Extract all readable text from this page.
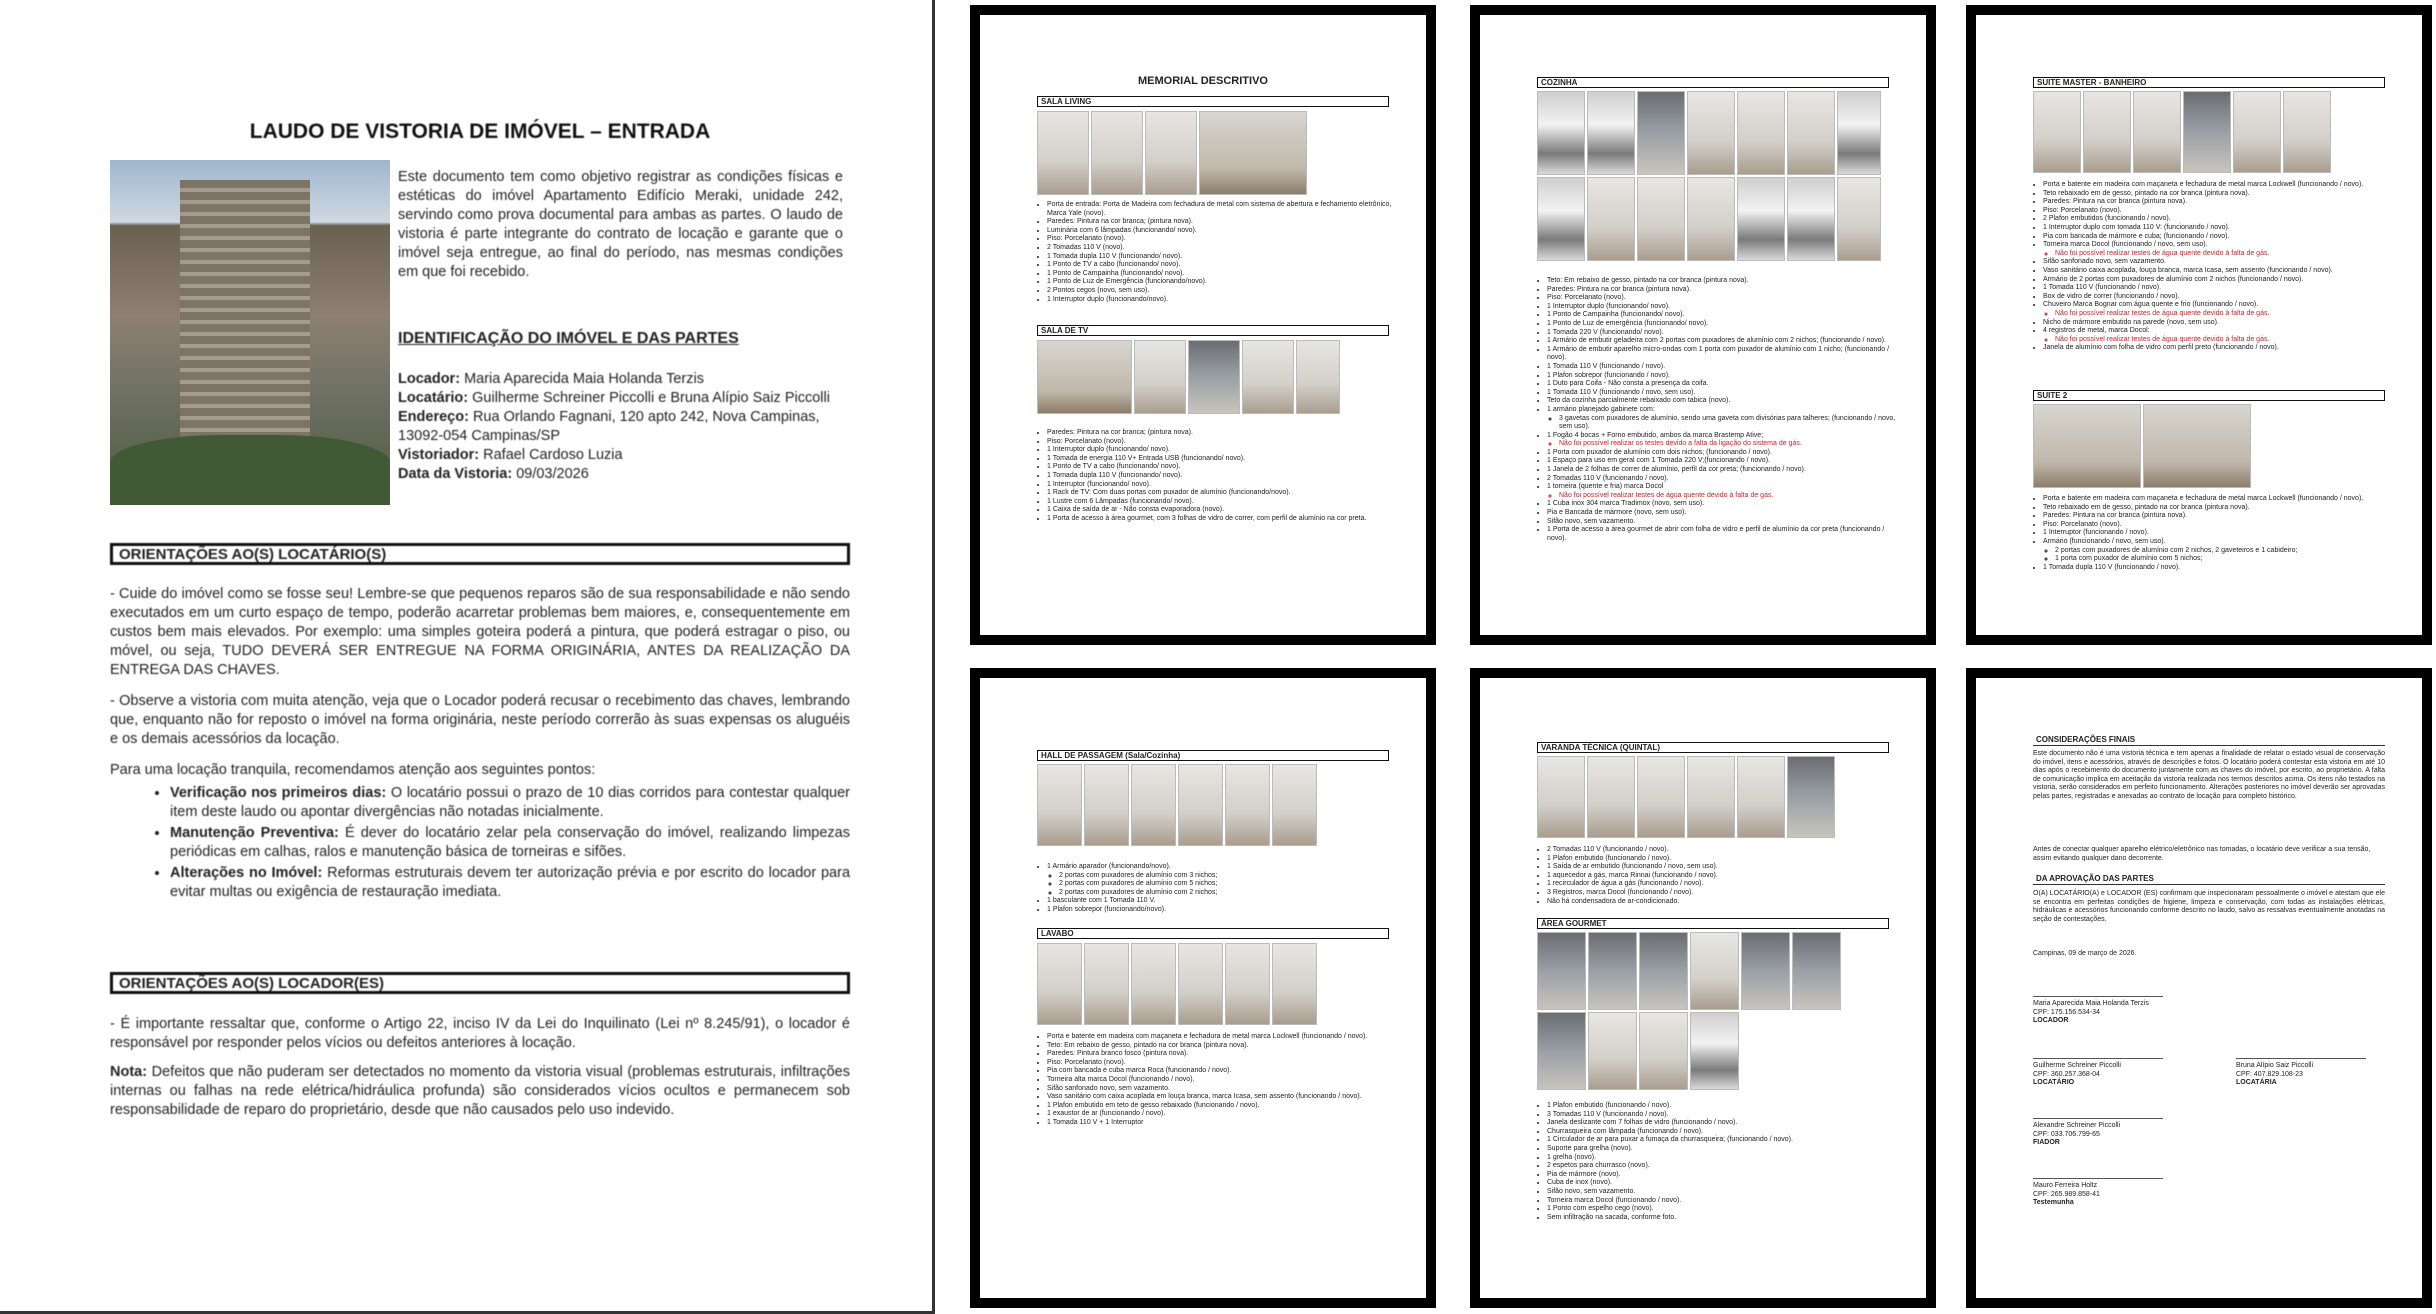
LAUDO DE VISTORIA DE IMÓVEL – ENTRADA
Este documento tem como objetivo registrar as condições físicas e estéticas do imóvel Apartamento Edifício Meraki, unidade 242, servindo como prova documental para ambas as partes. O laudo de vistoria é parte integrante do contrato de locação e garante que o imóvel seja entregue, ao final do período, nas mesmas condições em que foi recebido.
IDENTIFICAÇÃO DO IMÓVEL E DAS PARTES
Locador: Maria Aparecida Maia Holanda Terzis
Locatário: Guilherme Schreiner Piccolli e Bruna Alípio Saiz Piccolli
Endereço: Rua Orlando Fagnani, 120 apto 242, Nova Campinas, 13092-054 Campinas/SP
Vistoriador: Rafael Cardoso Luzia
Data da Vistoria: 09/03/2026
ORIENTAÇÕES AO(S) LOCATÁRIO(S)

- Cuide do imóvel como se fosse seu! Lembre-se que pequenos reparos são de sua responsabilidade e não sendo executados em um curto espaço de tempo, poderão acarretar problemas bem maiores, e, consequentemente em custos bem mais elevados. Por exemplo: uma simples goteira poderá a pintura, que poderá estragar o piso, ou móvel, ou seja, TUDO DEVERÁ SER ENTREGUE NA FORMA ORIGINÁRIA, ANTES DA REALIZAÇÃO DA ENTREGA DAS CHAVES.

- Observe a vistoria com muita atenção, veja que o Locador poderá recusar o recebimento das chaves, lembrando que, enquanto não for reposto o imóvel na forma originária, neste período correrão às suas expensas os aluguéis e os demais acessórios da locação.

Para uma locação tranquila, recomendamos atenção aos seguintes pontos:

• Verificação nos primeiros dias: O locatário possui o prazo de 10 dias corridos para contestar qualquer item deste laudo ou apontar divergências não notadas inicialmente.
• Manutenção Preventiva: É dever do locatário zelar pela conservação do imóvel, realizando limpezas periódicas em calhas, ralos e manutenção básica de torneiras e sifões.
• Alterações no Imóvel: Reformas estruturais devem ter autorização prévia e por escrito do locador para evitar multas ou exigência de restauração imediata.
ORIENTAÇÕES AO(S) LOCADOR(ES)

- É importante ressaltar que, conforme o Artigo 22, inciso IV da Lei do Inquilinato (Lei nº 8.245/91), o locador é responsável por responder pelos vícios ou defeitos anteriores à locação.

Nota: Defeitos que não puderam ser detectados no momento da vistoria visual (problemas estruturais, infiltrações internas ou falhas na rede elétrica/hidráulica profunda) são considerados vícios ocultos e permanecem sob responsabilidade de reparo do proprietário, desde que não causados pelo uso indevido.

MEMORIAL DESCRITIVO
SALA LIVING
• Porta de entrada: Porta de Madeira com fechadura de metal com sistema de abertura e fechamento eletrônico, Marca Yale (novo).
• Paredes: Pintura na cor branca; (pintura nova).
• Luminária com 6 lâmpadas (funcionando/ novo).
• Piso: Porcelanato (novo).
• 2 Tomadas 110 V (novo).
• 1 Tomada dupla 110 V (funcionando/ novo).
• 1 Ponto de TV a cabo (funcionando/ novo).
• 1 Ponto de Campainha (funcionando/ novo).
• 1 Ponto de Luz de Emergência (funcionando/novo).
• 2 Pontos cegos (novo, sem uso).
• 1 Interruptor duplo (funcionando/novo).
SALA DE TV
• Paredes: Pintura na cor branca; (pintura nova).
• Piso: Porcelanato (novo).
• 1 Interruptor duplo (funcionando/ novo).
• 1 Tomada de energia 110 V+ Entrada USB (funcionando/ novo).
• 1 Ponto de TV a cabo (funcionando/ novo).
• 1 Tomada dupla 110 V (funcionando/ novo).
• 1 Interruptor (funcionando/ novo).
• 1 Rack de TV: Com duas portas com puxador de alumínio (funcionando/novo).
• 1 Lustre com 6 Lâmpadas (funcionando/ novo).
• 1 Caixa de saída de ar - Não consta evaporadora (novo).
• 1 Porta de acesso à área gourmet, com 3 folhas de vidro de correr, com perfil de alumínio na cor preta.
COZINHA
• Teto: Em rebaixo de gesso, pintado na cor branca (pintura nova).
• Paredes: Pintura na cor branca (pintura nova).
• Piso: Porcelanato (novo).
• 1 Interruptor duplo (funcionando/ novo).
• 1 Ponto de Campainha (funcionando/ novo).
• 1 Ponto de Luz de emergência (funcionando/ novo).
• 1 Tomada 220 V (funcionando/ novo).
• 1 Armário de embutir geladeira com 2 portas com puxadores de alumínio com 2 nichos; (funcionando / novo).
• 1 Armário de embutir aparelho micro-ondas com 1 porta com puxador de alumínio com 1 nicho; (funcionando / novo).
• 1 Tomada 110 V (funcionando / novo).
• 1 Plafon sobrepor (funcionando / novo).
• 1 Duto para Coifa - Não consta a presença da coifa.
• 1 Tomada 110 V (funcionando / novo, sem uso).
• Teto da cozinha parcialmente rebaixado com tabica (novo).
• 1 armário planejado gabinete com:
◦ 3 gavetas com puxadores de alumínio, sendo uma gaveta com divisórias para talheres; (funcionando / novo, sem uso).
• 1 Fogão 4 bocas + Forno embutido, ambos da marca Brastemp Ative;
◦ Não foi possível realizar os testes devido a falta da ligação do sistema de gás.
• 1 Porta com puxador de alumínio com dois nichos; (funcionando / novo).
• 1 Espaço para uso em geral com 1 Tomada 220 V;(funcionando / novo).
• 1 Janela de 2 folhas de correr de alumínio, perfil da cor preta; (funcionando / novo).
• 2 Tomadas 110 V (funcionando / novo).
• 1 torneira (quente e fria) marca Docol
◦ Não foi possível realizar testes de água quente devido à falta de gás.
• 1 Cuba inox 304 marca Tradimox (novo, sem uso).
• Pia e Bancada de mármore (novo, sem uso).
• Sifão novo, sem vazamento.
• 1 Porta de acesso a área gourmet de abrir com folha de vidro e perfil de alumínio da cor preta (funcionando / novo).
SUITE MASTER - BANHEIRO
• Porta e batente em madeira com maçaneta e fechadura de metal marca Lockwell (funcionando / novo).
• Teto rebaixado em de gesso, pintado na cor branca (pintura nova).
• Paredes: Pintura na cor branca (pintura nova).
• Piso: Porcelanato (novo).
• 2 Plafon embutidos (funcionando / novo).
• 1 Interruptor duplo com tomada 110 V: (funcionando / novo).
• Pia com bancada de mármore e cuba; (funcionando / novo).
• Torneira marca Docol (funcionando / novo, sem uso).
◦ Não foi possível realizar testes de água quente devido à falta de gás.
• Sifão sanfonado novo, sem vazamento.
• Vaso sanitário caixa acoplada, louça branca, marca Icasa, sem assento (funcionando / novo).
• Armário de 2 portas com puxadores de alumínio com 2 nichos (funcionando / novo).
• 1 Tomada 110 V (funcionando / novo).
• Box de vidro de correr (funcionando / novo).
• Chuveiro Marca Bognar com água quente e frio (funcionando / novo).
◦ Não foi possível realizar testes de água quente devido à falta de gás.
• Nicho de mármore embutido na parede (novo, sem uso).
• 4 registros de metal, marca Docol:
◦ Não foi possível realizar testes de água quente devido à falta de gás.
• Janela de alumínio com folha de vidro com perfil preto (funcionando / novo).
SUITE 2
• Porta e batente em madeira com maçaneta e fechadura de metal marca Lockwell (funcionando / novo).
• Teto rebaixado em de gesso, pintado na cor branca (pintura nova).
• Paredes: Pintura na cor branca (pintura nova).
• Piso: Porcelanato (novo).
• 1 Interruptor (funcionando / novo).
• Armário (funcionando / novo, sem uso).
◦ 2 portas com puxadores de alumínio com 2 nichos, 2 gaveteiros e 1 cabideiro;
◦ 1 porta com puxador de alumínio com 5 nichos;
• 1 Tomada dupla 110 V (funcionando / novo).
HALL DE PASSAGEM (Sala/Cozinha)
• 1 Armário aparador (funcionando/novo).
◦ 2 portas com puxadores de alumínio com 3 nichos;
◦ 2 portas com puxadores de alumínio com 5 nichos;
◦ 2 portas com puxadores de alumínio com 2 nichos;
• 1 basculante com 1 Tomada 110 V.
• 1 Plafon sobrepor (funcionando/novo).
LAVABO
• Porta e batente em madeira com maçaneta e fechadura de metal marca Lockwell (funcionando / novo).
• Teto: Em rebaixo de gesso, pintado na cor branca (pintura nova).
• Paredes: Pintura branco fosco (pintura nova).
• Piso: Porcelanato (novo).
• Pia com bancada e cuba marca Roca (funcionando / novo).
• Torneira alta marca Docol (funcionando / novo).
• Sifão sanfonado novo, sem vazamento.
• Vaso sanitário com caixa acoplada em louça branca, marca Icasa, sem assento (funcionando / novo).
• 1 Plafon embutido em teto de gesso rebaixado (funcionando / novo).
• 1 exaustor de ar (funcionando / novo).
• 1 Tomada 110 V + 1 Interruptor
VARANDA TÉCNICA (QUINTAL)
• 2 Tomadas 110 V (funcionando / novo).
• 1 Plafon embutido (funcionando / novo).
• 1 Saída de ar embutido (funcionando / novo, sem uso).
• 1 aquecedor a gás, marca Rinnai (funcionando / novo).
• 1 recirculador de água a gás (funcionando / novo).
• 3 Registros, marca Docol (funcionando / novo).
• Não há condensadora de ar-condicionado.
ÁREA GOURMET
• 1 Plafon embutido (funcionando / novo).
• 3 Tomadas 110 V (funcionando / novo).
• Janela deslizante com 7 folhas de vidro (funcionando / novo).
• Churrasqueira com lâmpada (funcionando / novo).
• 1 Circulador de ar para puxar a fumaça da churrasqueira; (funcionando / novo).
• Suporte para grelha (novo).
• 1 grelha (novo).
• 2 espetos para churrasco (novo).
• Pia de mármore (novo).
• Cuba de inox (novo).
• Sifão novo, sem vazamento.
• Torneira marca Docol (funcionando / novo).
• 1 Ponto com espelho cego (novo).
• Sem infiltração na sacada, conforme foto.
CONSIDERAÇÕES FINAIS
Este documento não é uma vistoria técnica e tem apenas a finalidade de relatar o estado visual de conservação do imóvel, itens e acessórios, através de descrições e fotos. O locatário poderá contestar esta vistoria em até 10 dias após o recebimento do documento juntamente com as chaves do imóvel, por escrito, ao proprietário. A falta de comunicação implica em aceitação da vistoria realizada nos termos descritos acima. Os itens não testados na vistoria, serão considerados em perfeito funcionamento. Alterações posteriores no imóvel deverão ser aprovadas pelas partes, registradas e anexadas ao contrato de locação para completo histórico.
Antes de conectar qualquer aparelho elétrico/eletrônico nas tomadas, o locatário deve verificar a sua tensão, assim evitando qualquer dano decorrente.
DA APROVAÇÃO DAS PARTES
O(A) LOCATÁRIO(A) e LOCADOR (ES) confirmam que inspecionaram pessoalmente o imóvel e atestam que ele se encontra em perfeitas condições de higiene, limpeza e conservação, com todas as instalações elétricas, hidráulicas e acessórios funcionando conforme descrito no laudo, salvo as ressalvas eventualmente anotadas na seção de contestações.
Campinas, 09 de março de 2026.
Maria Aparecida Maia Holanda Terzis
CPF: 175.156.534-34
LOCADOR
Guilherme Schreiner Piccolli
CPF: 360.257.368-04
LOCATÁRIO
Bruna Alípio Saiz Piccolli
CPF: 407.829.108-23
LOCATÁRIA
Alexandre Schreiner Piccolli
CPF: 033.706.799-65
FIADOR
Mauro Ferreira Holtz
CPF: 265.989.858-41
Testemunha
